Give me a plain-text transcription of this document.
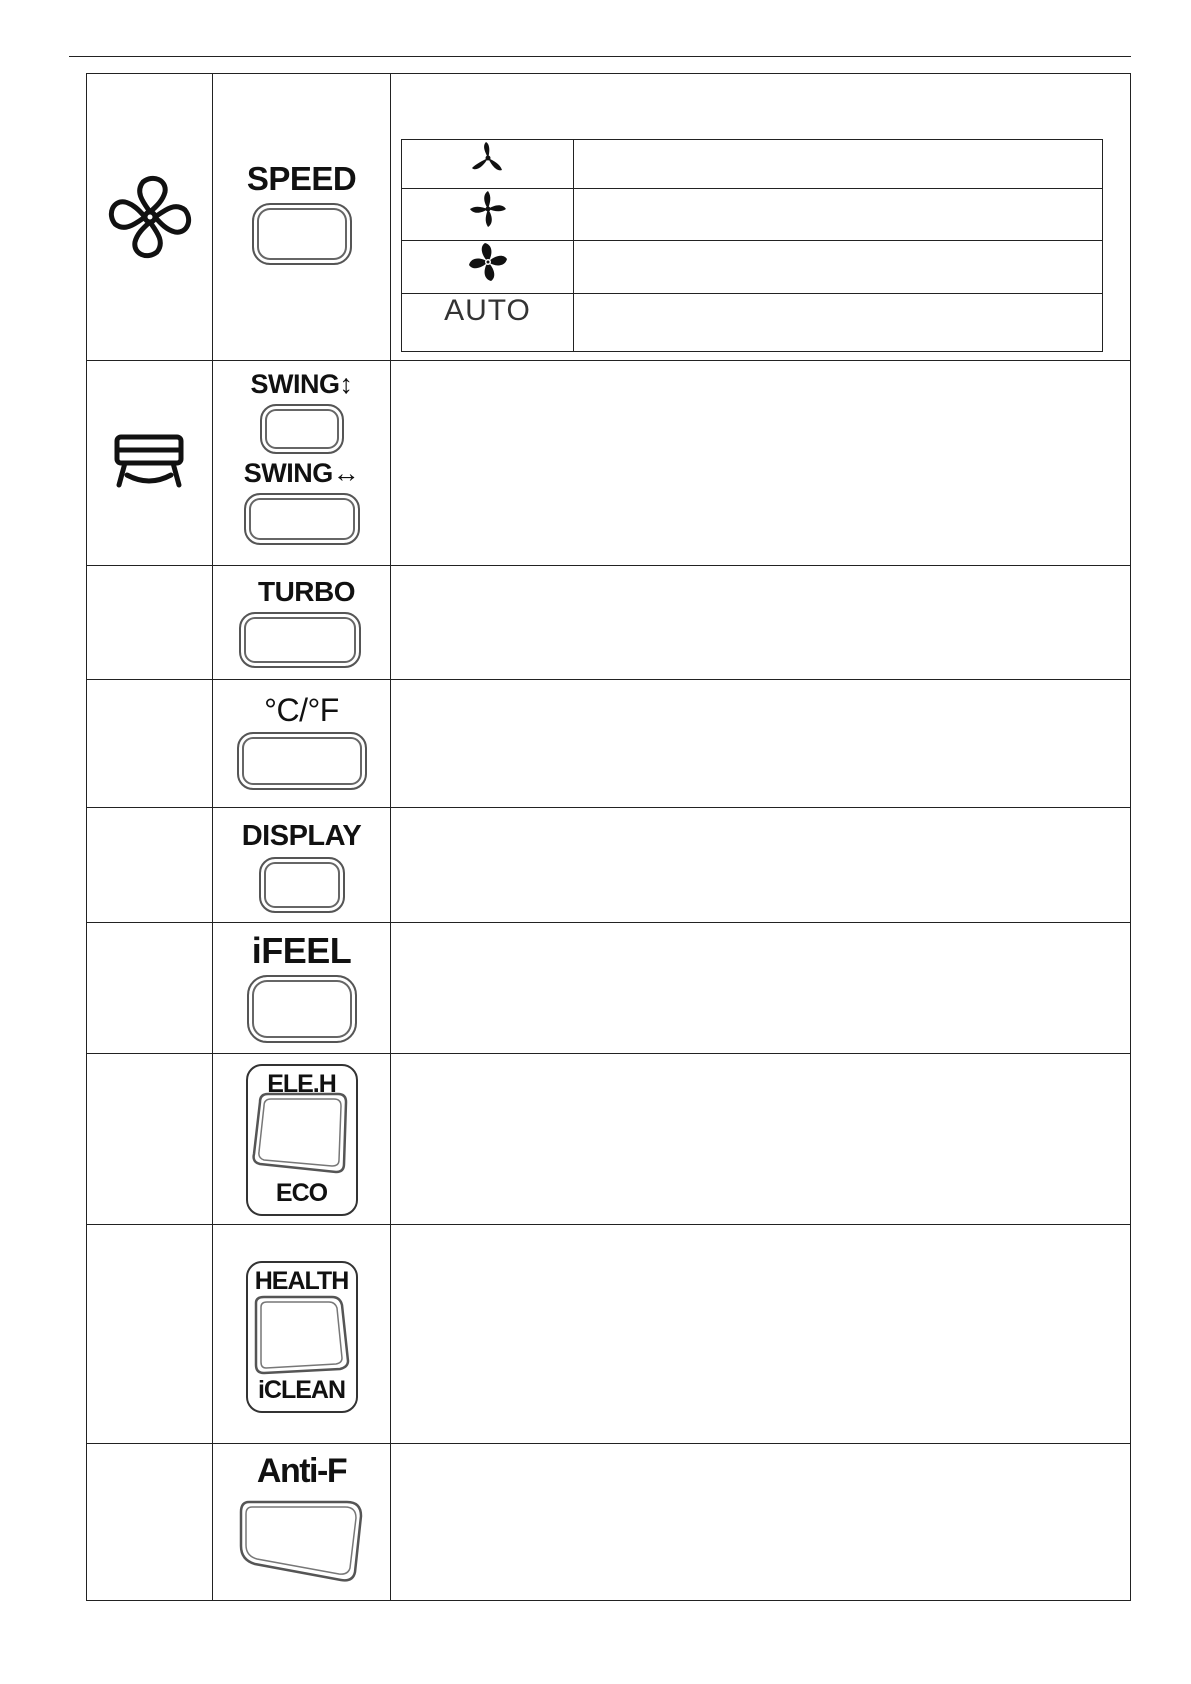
SPEED

AUTO	

SWING↕
SWING↔

TURBO

°C/°F

DISPLAY

iFEEL

ELE.H
ECO

HEALTH
iCLEAN

Anti-F
